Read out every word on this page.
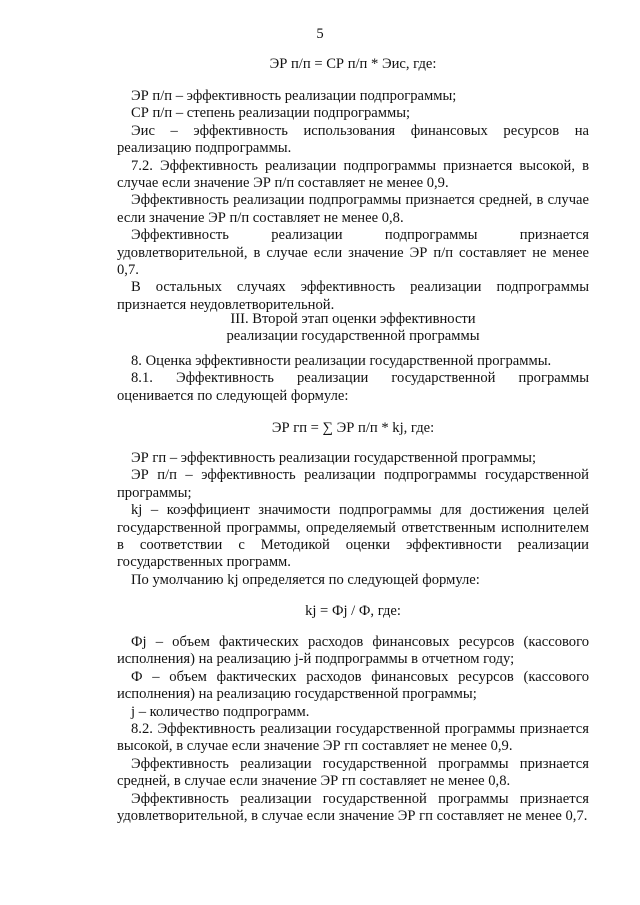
5
ЭР п/п = СР п/п * Эис, где:
ЭР п/п – эффективность реализации подпрограммы;
СР п/п – степень реализации подпрограммы;
Эис – эффективность использования финансовых ресурсов на реализацию подпрограммы.
7.2. Эффективность реализации подпрограммы признается высокой, в случае если значение ЭР п/п составляет не менее 0,9.
Эффективность реализации подпрограммы признается средней, в случае если значение ЭР п/п составляет не менее 0,8.
Эффективность реализации подпрограммы признается удовлетворительной, в случае если значение ЭР п/п составляет не менее 0,7.
В остальных случаях эффективность реализации подпрограммы признается неудовлетворительной.
III. Второй этап оценки эффективности
реализации государственной программы
8. Оценка эффективности реализации государственной программы.
8.1. Эффективность реализации государственной программы оценивается по следующей формуле:
ЭР гп = ∑ ЭР п/п * kj, где:
ЭР гп – эффективность реализации государственной программы;
ЭР п/п – эффективность реализации подпрограммы государственной программы;
kj – коэффициент значимости подпрограммы для достижения целей государственной программы, определяемый ответственным исполнителем в соответствии с Методикой оценки эффективности реализации государственных программ.
По умолчанию kj определяется по следующей формуле:
kj = Фj / Ф, где:
Фj – объем фактических расходов финансовых ресурсов (кассового исполнения) на реализацию j-й подпрограммы в отчетном году;
Ф – объем фактических расходов финансовых ресурсов (кассового исполнения) на реализацию государственной программы;
j – количество подпрограмм.
8.2. Эффективность реализации государственной программы признается высокой, в случае если значение ЭР гп составляет не менее 0,9.
Эффективность реализации государственной программы признается средней, в случае если значение ЭР гп составляет не менее 0,8.
Эффективность реализации государственной программы признается удовлетворительной, в случае если значение ЭР гп составляет не менее 0,7.
